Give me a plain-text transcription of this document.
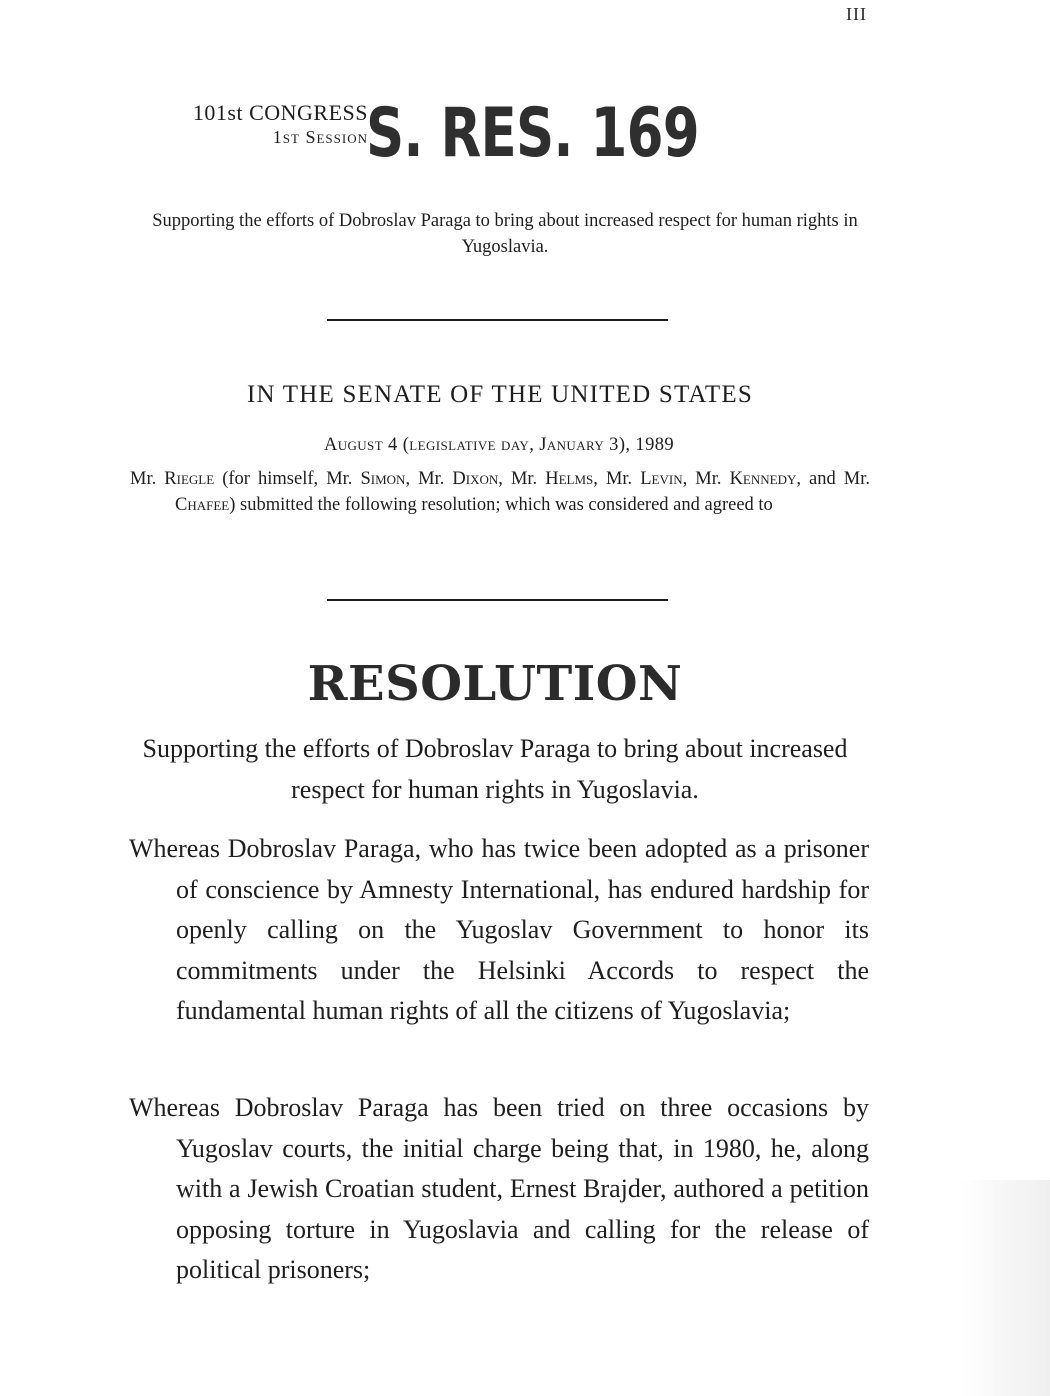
III
101st CONGRESS
1st Session
S. RES. 169
Supporting the efforts of Dobroslav Paraga to bring about increased respect for human rights in Yugoslavia.
IN THE SENATE OF THE UNITED STATES
August 4 (legislative day, January 3), 1989
Mr. Riegle (for himself, Mr. Simon, Mr. Dixon, Mr. Helms, Mr. Levin, Mr. Kennedy, and Mr. Chafee) submitted the following resolution; which was considered and agreed to
RESOLUTION
Supporting the efforts of Dobroslav Paraga to bring about increased respect for human rights in Yugoslavia.
Whereas Dobroslav Paraga, who has twice been adopted as a prisoner of conscience by Amnesty International, has endured hardship for openly calling on the Yugoslav Government to honor its commitments under the Helsinki Accords to respect the fundamental human rights of all the citizens of Yugoslavia;
Whereas Dobroslav Paraga has been tried on three occasions by Yugoslav courts, the initial charge being that, in 1980, he, along with a Jewish Croatian student, Ernest Brajder, authored a petition opposing torture in Yugoslavia and calling for the release of political prisoners;
